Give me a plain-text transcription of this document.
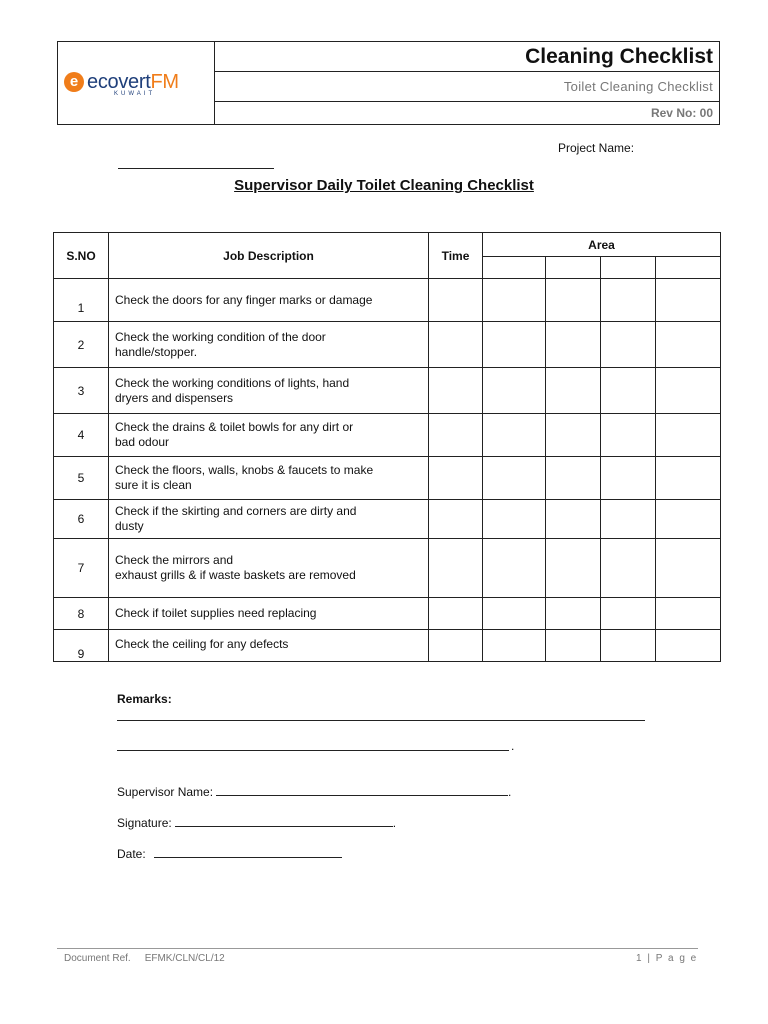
e ecovertFM
KUWAIT
Cleaning Checklist
Toilet Cleaning Checklist
Rev No: 00
Project Name:
Supervisor Daily Toilet Cleaning Checklist
S.NO	Job Description	Time	Area			

1	Check the doors for any finger marks or damage					
2	Check the working condition of the door
handle/stopper.					
3	Check the working conditions of lights, hand
dryers and dispensers					
4	Check the drains & toilet bowls for any dirt or
bad odour					
5	Check the floors, walls, knobs & faucets to make
sure it is clean					
6	Check if the skirting and corners are dirty and
dusty					
7	Check the mirrors and
exhaust grills & if waste baskets are removed					
8	Check if toilet supplies need replacing					
9	Check the ceiling for any defects					
Remarks:
.
Supervisor Name:	.
Signature:	.
Date:
Document Ref. EFMK/CLN/CL/12	1 | P a g e
